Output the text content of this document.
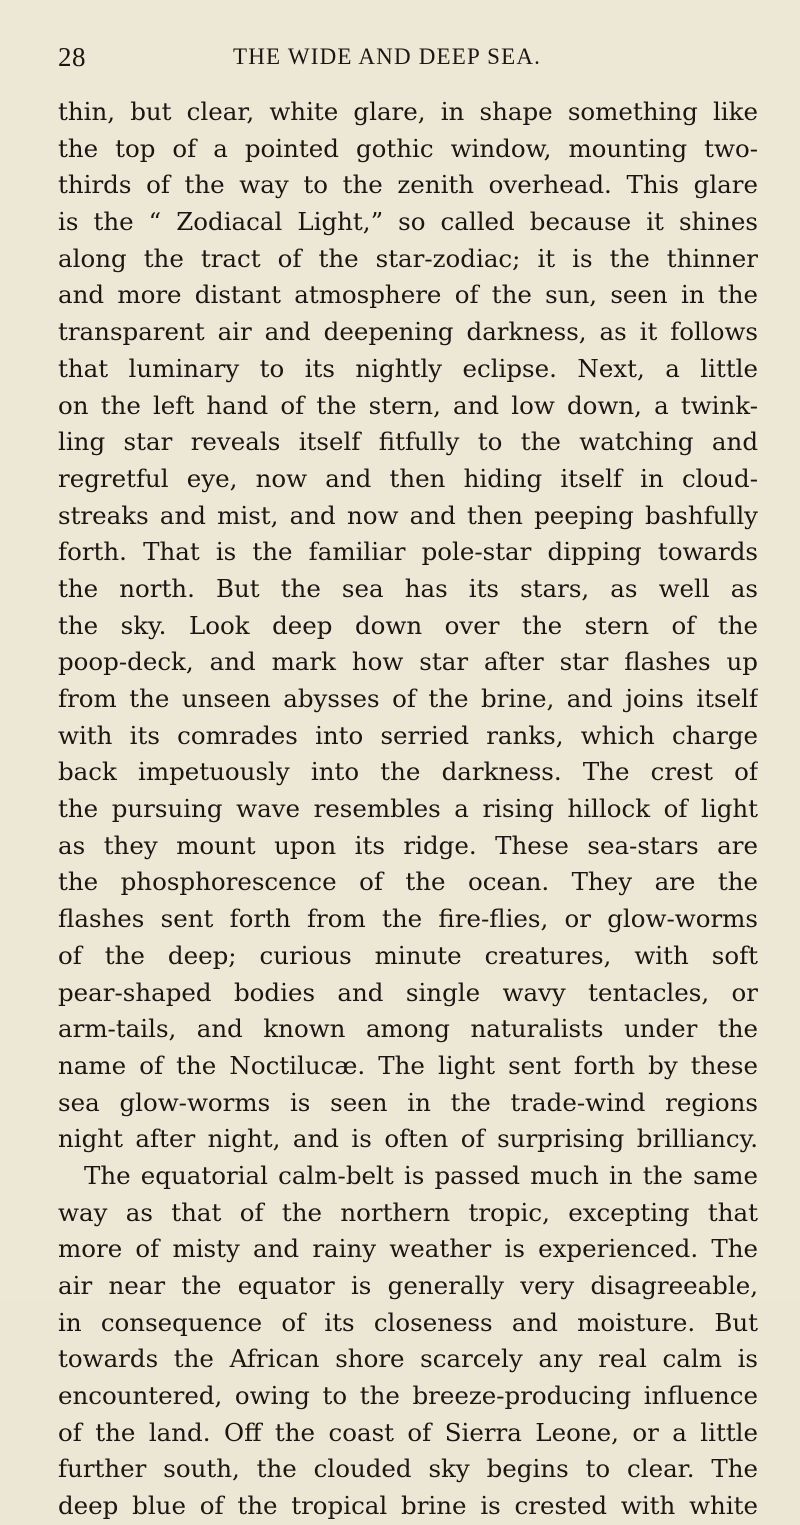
28	THE WIDE AND DEEP SEA.
thin, but clear, white glare, in shape something like
the top of a pointed gothic window, mounting two-
thirds of the way to the zenith overhead. This glare
is the “ Zodiacal Light,” so called because it shines
along the tract of the star-zodiac; it is the thinner
and more distant atmosphere of the sun, seen in the
transparent air and deepening darkness, as it follows
that luminary to its nightly eclipse. Next, a little
on the left hand of the stern, and low down, a twink-
ling star reveals itself fitfully to the watching and
regretful eye, now and then hiding itself in cloud-
streaks and mist, and now and then peeping bashfully
forth. That is the familiar pole-star dipping towards
the north. But the sea has its stars, as well as
the sky. Look deep down over the stern of the
poop-deck, and mark how star after star flashes up
from the unseen abysses of the brine, and joins itself
with its comrades into serried ranks, which charge
back impetuously into the darkness. The crest of
the pursuing wave resembles a rising hillock of light
as they mount upon its ridge. These sea-stars are
the phosphorescence of the ocean. They are the
flashes sent forth from the fire-flies, or glow-worms
of the deep; curious minute creatures, with soft
pear-shaped bodies and single wavy tentacles, or
arm-tails, and known among naturalists under the
name of the Noctilucæ. The light sent forth by these
sea glow-worms is seen in the trade-wind regions
night after night, and is often of surprising brilliancy.
The equatorial calm-belt is passed much in the same
way as that of the northern tropic, excepting that
more of misty and rainy weather is experienced. The
air near the equator is generally very disagreeable,
in consequence of its closeness and moisture. But
towards the African shore scarcely any real calm is
encountered, owing to the breeze-producing influence
of the land. Off the coast of Sierra Leone, or a little
further south, the clouded sky begins to clear. The
deep blue of the tropical brine is crested with white
